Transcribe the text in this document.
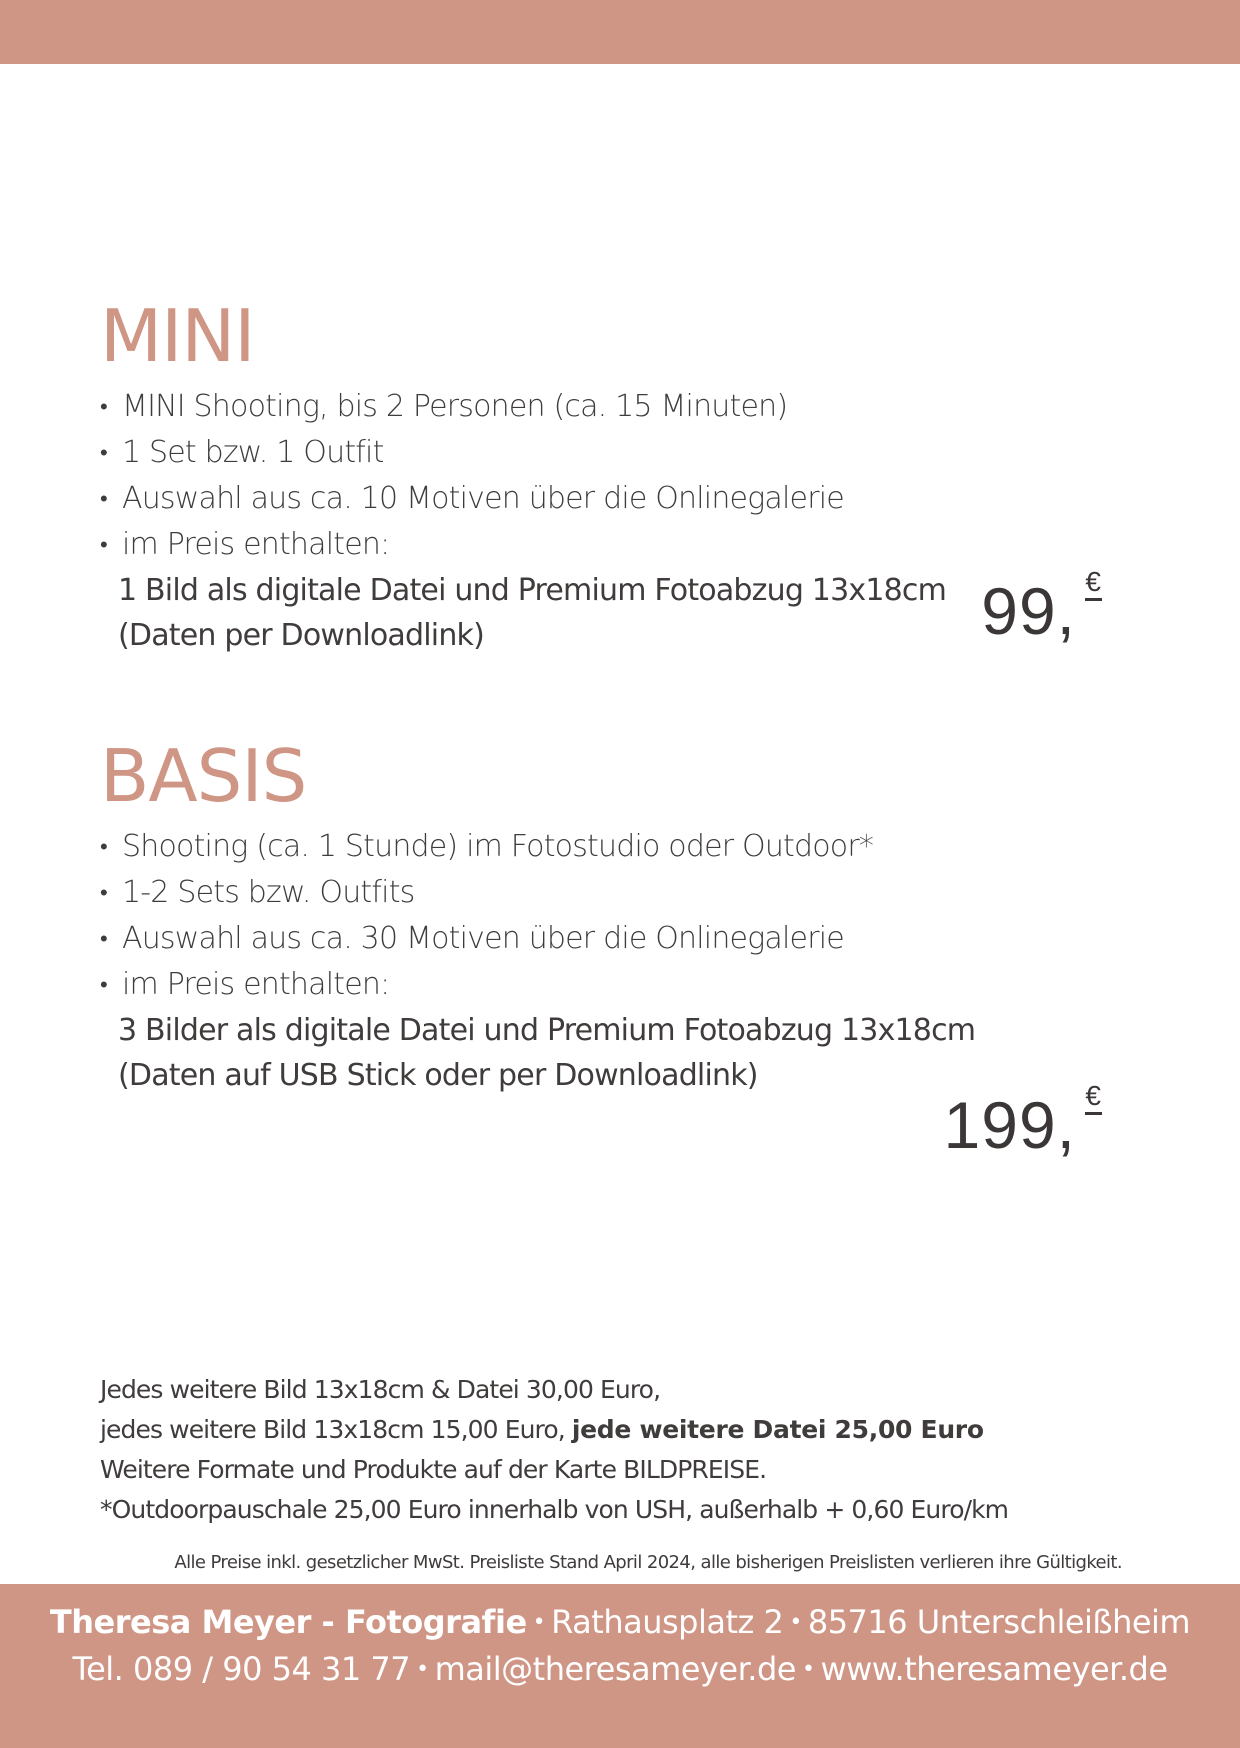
MINI
• MINI Shooting, bis 2 Personen (ca. 15 Minuten)
• 1 Set bzw. 1 Outfit
• Auswahl aus ca. 10 Motiven über die Onlinegalerie
• im Preis enthalten:
1 Bild als digitale Datei und Premium Fotoabzug 13x18cm
(Daten per Downloadlink)	99, €
BASIS
• Shooting (ca. 1 Stunde) im Fotostudio oder Outdoor*
• 1-2 Sets bzw. Outfits
• Auswahl aus ca. 30 Motiven über die Onlinegalerie
• im Preis enthalten:
3 Bilder als digitale Datei und Premium Fotoabzug 13x18cm
(Daten auf USB Stick oder per Downloadlink)
199, €

Jedes weitere Bild 13x18cm & Datei 30,00 Euro,

jedes weitere Bild 13x18cm 15,00 Euro, jede weitere Datei 25,00 Euro

Weitere Formate und Produkte auf der Karte BILDPREISE.

*Outdoorpauschale 25,00 Euro innerhalb von USH, außerhalb + 0,60 Euro/km

Alle Preise inkl. gesetzlicher MwSt. Preisliste Stand April 2024, alle bisherigen Preislisten verlieren ihre Gültigkeit.
Theresa Meyer - Fotografie • Rathausplatz 2 • 85716 Unterschleißheim
Tel. 089 / 90 54 31 77 • mail@theresameyer.de • www.theresameyer.de
